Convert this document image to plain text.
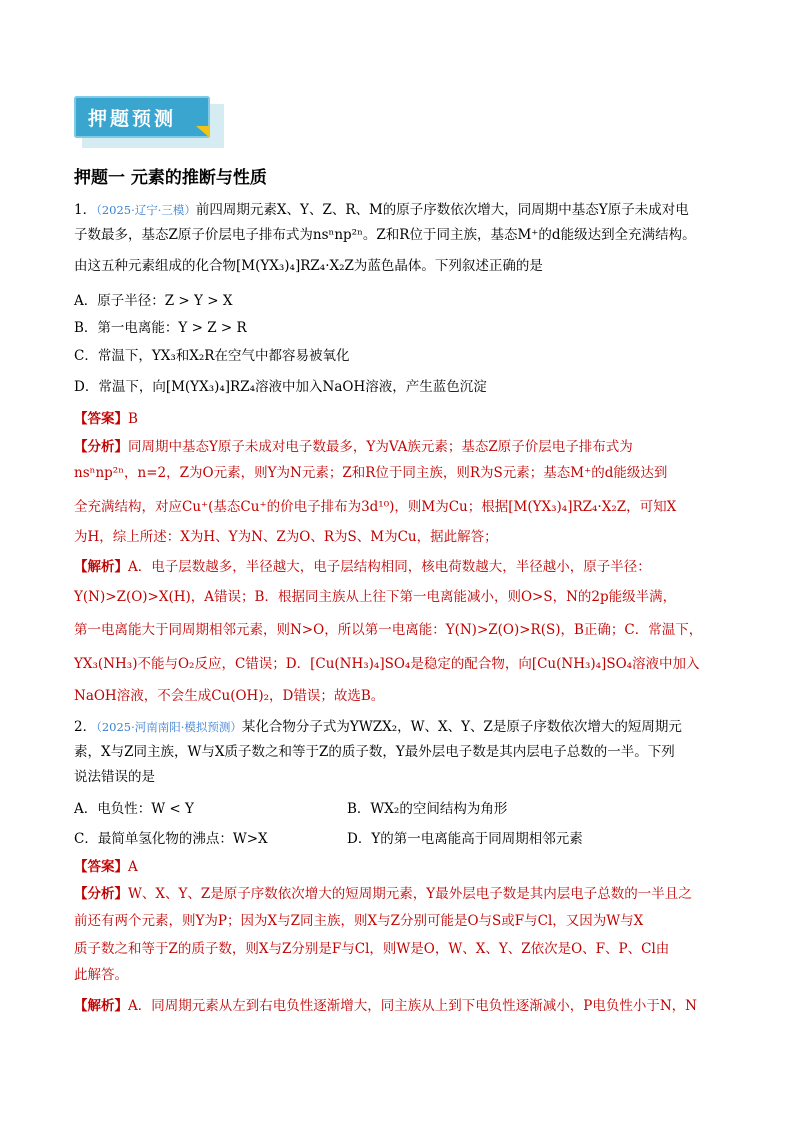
押题预测
押题一 元素的推断与性质
1．（2025·辽宁·三模）前四周期元素X、Y、Z、R、M的原子序数依次增大，同周期中基态Y原子未成对电
子数最多，基态Z原子价层电子排布式为nsⁿnp²ⁿ。Z和R位于同主族，基态M⁺的d能级达到全充满结构。
由这五种元素组成的化合物[M(YX₃)₄]RZ₄·X₂Z为蓝色晶体。下列叙述正确的是
A．原子半径：Z > Y > X
B．第一电离能：Y > Z > R
C．常温下，YX₃和X₂R在空气中都容易被氧化
D．常温下，向[M(YX₃)₄]RZ₄溶液中加入NaOH溶液，产生蓝色沉淀
【答案】B
【分析】同周期中基态Y原子未成对电子数最多，Y为VA族元素；基态Z原子价层电子排布式为
nsⁿnp²ⁿ，n=2，Z为O元素，则Y为N元素；Z和R位于同主族，则R为S元素；基态M⁺的d能级达到
全充满结构，对应Cu⁺(基态Cu⁺的价电子排布为3d¹⁰)，则M为Cu；根据[M(YX₃)₄]RZ₄·X₂Z，可知X
为H，综上所述：X为H、Y为N、Z为O、R为S、M为Cu，据此解答；
【解析】A．电子层数越多，半径越大，电子层结构相同，核电荷数越大，半径越小，原子半径：
Y(N)>Z(O)>X(H)，A错误；B．根据同主族从上往下第一电离能减小，则O>S，N的2p能级半满，
第一电离能大于同周期相邻元素，则N>O，所以第一电离能：Y(N)>Z(O)>R(S)，B正确；C．常温下，
YX₃(NH₃)不能与O₂反应，C错误；D．[Cu(NH₃)₄]SO₄是稳定的配合物，向[Cu(NH₃)₄]SO₄溶液中加入
NaOH溶液，不会生成Cu(OH)₂，D错误；故选B。
2．（2025·河南南阳·模拟预测）某化合物分子式为YWZX₂，W、X、Y、Z是原子序数依次增大的短周期元
素，X与Z同主族，W与X质子数之和等于Z的质子数，Y最外层电子数是其内层电子总数的一半。下列
说法错误的是
A．电负性：W < Y	B．WX₂的空间结构为角形
C．最简单氢化物的沸点：W>X	D．Y的第一电离能高于同周期相邻元素
【答案】A
【分析】W、X、Y、Z是原子序数依次增大的短周期元素，Y最外层电子数是其内层电子总数的一半且之
前还有两个元素，则Y为P；因为X与Z同主族，则X与Z分别可能是O与S或F与Cl，又因为W与X
质子数之和等于Z的质子数，则X与Z分别是F与Cl，则W是O，W、X、Y、Z依次是O、F、P、Cl由
此解答。
【解析】A．同周期元素从左到右电负性逐渐增大，同主族从上到下电负性逐渐减小，P电负性小于N，N
